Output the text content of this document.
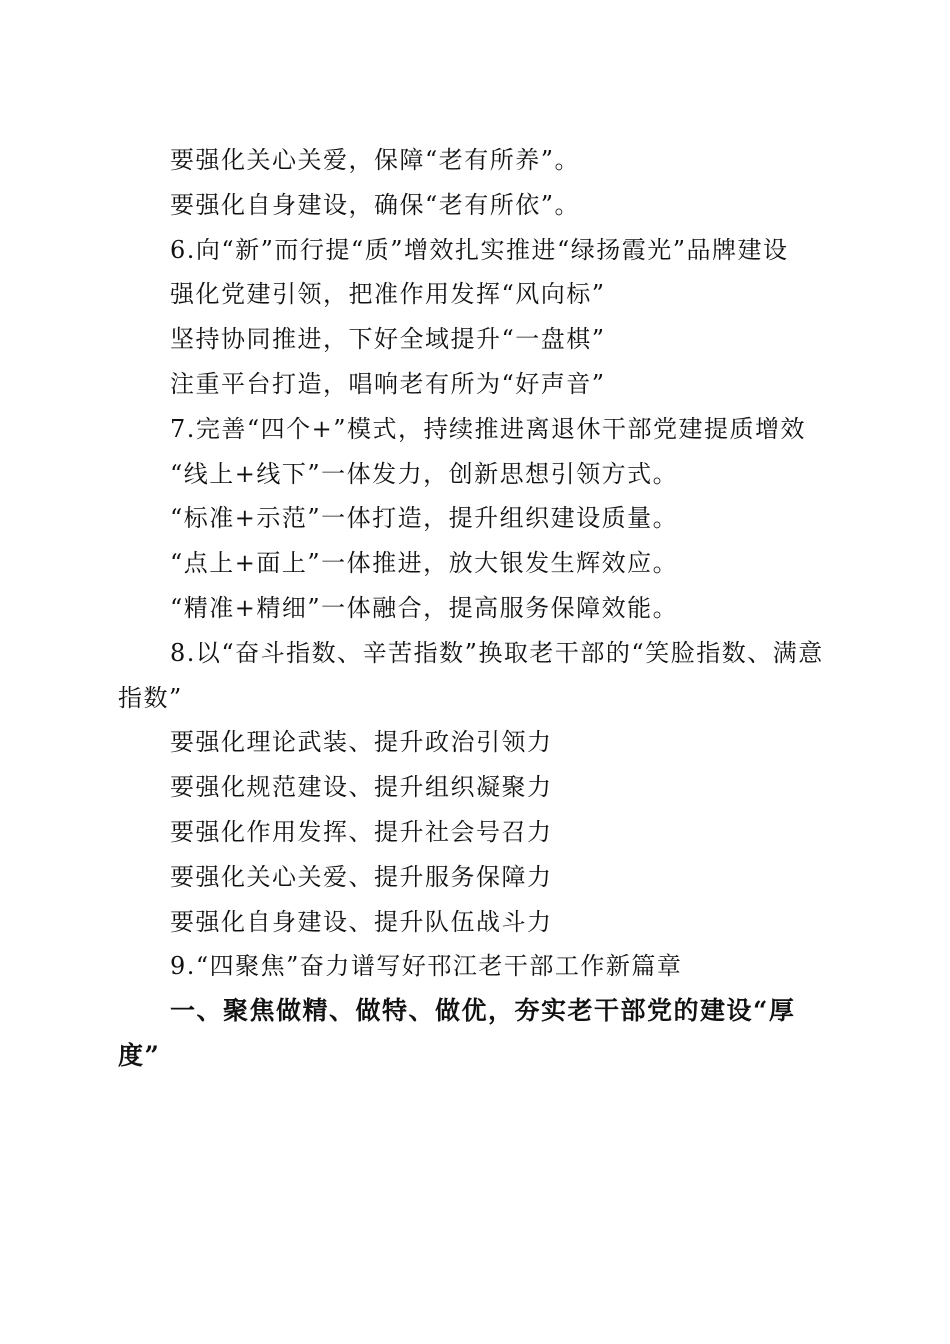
要强化关心关爱，保障“老有所养”。

要强化自身建设，确保“老有所依”。

6.向“新”而行提“质”增效扎实推进“绿扬霞光”品牌建设

强化党建引领，把准作用发挥“风向标”

坚持协同推进，下好全域提升“一盘棋”

注重平台打造，唱响老有所为“好声音”

7.完善“四个+”模式，持续推进离退休干部党建提质增效

“线上+线下”一体发力，创新思想引领方式。

“标准+示范”一体打造，提升组织建设质量。

“点上+面上”一体推进，放大银发生辉效应。

“精准+精细”一体融合，提高服务保障效能。

8.以“奋斗指数、辛苦指数”换取老干部的“笑脸指数、满意指数”

要强化理论武装、提升政治引领力

要强化规范建设、提升组织凝聚力

要强化作用发挥、提升社会号召力

要强化关心关爱、提升服务保障力

要强化自身建设、提升队伍战斗力

9.“四聚焦”奋力谱写好邗江老干部工作新篇章

一、聚焦做精、做特、做优，夯实老干部党的建设“厚度”
